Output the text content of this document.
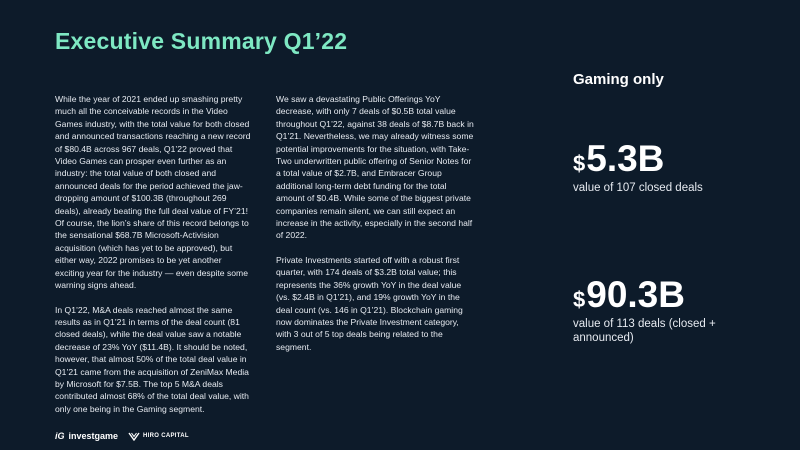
Executive Summary Q1’22

While the year of 2021 ended up smashing pretty much all the conceivable records in the Video Games industry, with the total value for both closed and announced transactions reaching a new record of $80.4B across 967 deals, Q1’22 proved that Video Games can prosper even further as an industry: the total value of both closed and announced deals for the period achieved the jaw-dropping amount of $100.3B (throughout 269 deals), already beating the full deal value of FY’21! Of course, the lion’s share of this record belongs to the sensational $68.7B Microsoft-Activision acquisition (which has yet to be approved), but either way, 2022 promises to be yet another exciting year for the industry — even despite some warning signs ahead.

In Q1’22, M&A deals reached almost the same results as in Q1’21 in terms of the deal count (81 closed deals), while the deal value saw a notable decrease of 23% YoY ($11.4B). It should be noted, however, that almost 50% of the total deal value in Q1’21 came from the acquisition of ZeniMax Media by Microsoft for $7.5B. The top 5 M&A deals contributed almost 68% of the total deal value, with only one being in the Gaming segment.

We saw a devastating Public Offerings YoY decrease, with only 7 deals of $0.5B total value throughout Q1’22, against 38 deals of $8.7B back in Q1’21. Nevertheless, we may already witness some potential improvements for the situation, with Take-Two underwritten public offering of Senior Notes for a total value of $2.7B, and Embracer Group additional long-term debt funding for the total amount of $0.4B. While some of the biggest private companies remain silent, we can still expect an increase in the activity, especially in the second half of 2022.

Private Investments started off with a robust first quarter, with 174 deals of $3.2B total value; this represents the 36% growth YoY in the deal value (vs. $2.4B in Q1’21), and 19% growth YoY in the deal count (vs. 146 in Q1’21). Blockchain gaming now dominates the Private Investment category, with 3 out of 5 top deals being related to the segment.

Gaming only
$ 5.3B
value of 107 closed deals
$ 90.3B
value of 113 deals (closed + announced)
iG investgame	HIRO CAPITAL
